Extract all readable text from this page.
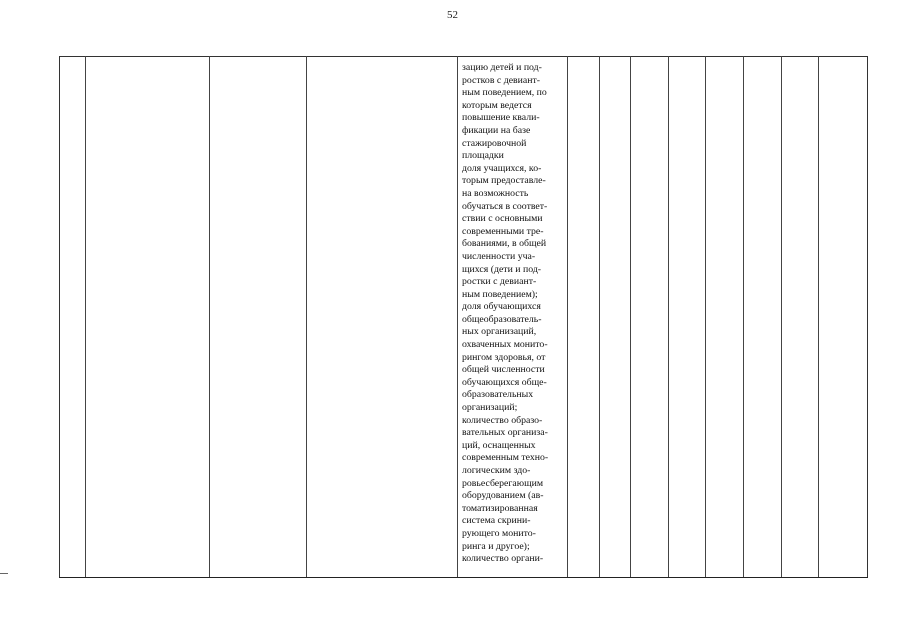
52
зацию детей и под-
ростков с девиант-
ным поведением, по
которым ведется
повышение квали-
фикации на базе
стажировочной
площадки
доля учащихся, ко-
торым предоставле-
на возможность
обучаться в соответ-
ствии с основными
современными тре-
бованиями, в общей
численности уча-
щихся (дети и под-
ростки с девиант-
ным поведением);
доля обучающихся
общеобразователь-
ных организаций,
охваченных монито-
рингом здоровья, от
общей численности
обучающихся обще-
образовательных
организаций;
количество образо-
вательных организа-
ций, оснащенных
современным техно-
логическим здо-
ровьесберегающим
оборудованием (ав-
томатизированная
система скрини-
рующего монито-
ринга и другое);
количество органи-
